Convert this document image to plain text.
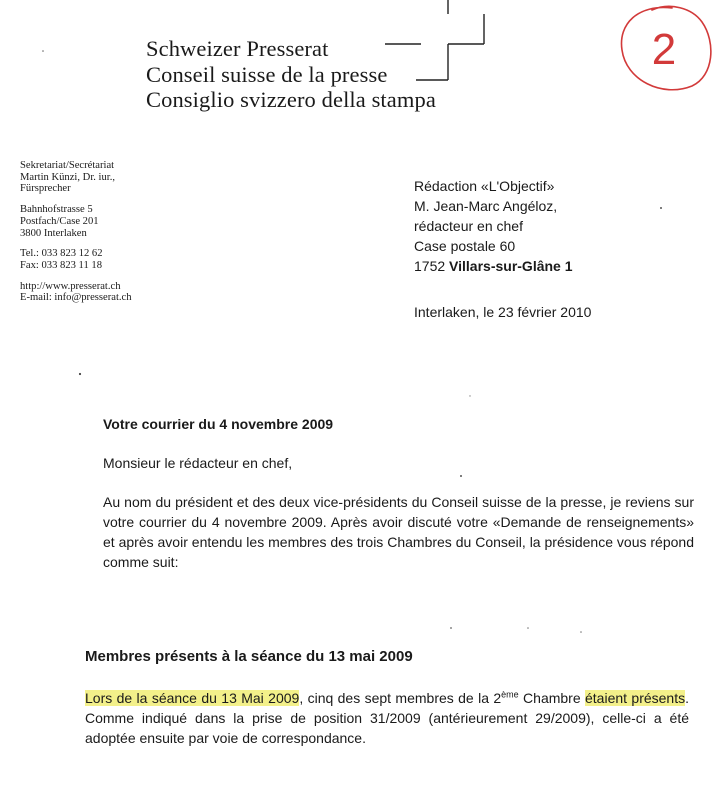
Schweizer Presserat
Conseil suisse de la presse
Consiglio svizzero della stampa
2
Sekretariat/Secrétariat
Martin Künzi, Dr. iur.,
Fürsprecher
Bahnhofstrasse 5
Postfach/Case 201
3800 Interlaken
Tel.: 033 823 12 62
Fax: 033 823 11 18
http://www.presserat.ch
E-mail: info@presserat.ch
Rédaction «L'Objectif»
M. Jean-Marc Angéloz,
rédacteur en chef
Case postale 60
1752 Villars-sur-Glâne 1
Interlaken, le 23 février 2010
Votre courrier du 4 novembre 2009
Monsieur le rédacteur en chef,
Au nom du président et des deux vice-présidents du Conseil suisse de la presse, je reviens sur votre courrier du 4 novembre 2009. Après avoir discuté votre «Demande de renseignements» et après avoir entendu les membres des trois Chambres du Conseil, la présidence vous répond comme suit:
Membres présents à la séance du 13 mai 2009
Lors de la séance du 13 Mai 2009, cinq des sept membres de la 2ème Chambre étaient présents. Comme indiqué dans la prise de position 31/2009 (antérieurement 29/2009), celle-ci a été adoptée ensuite par voie de correspondance.
